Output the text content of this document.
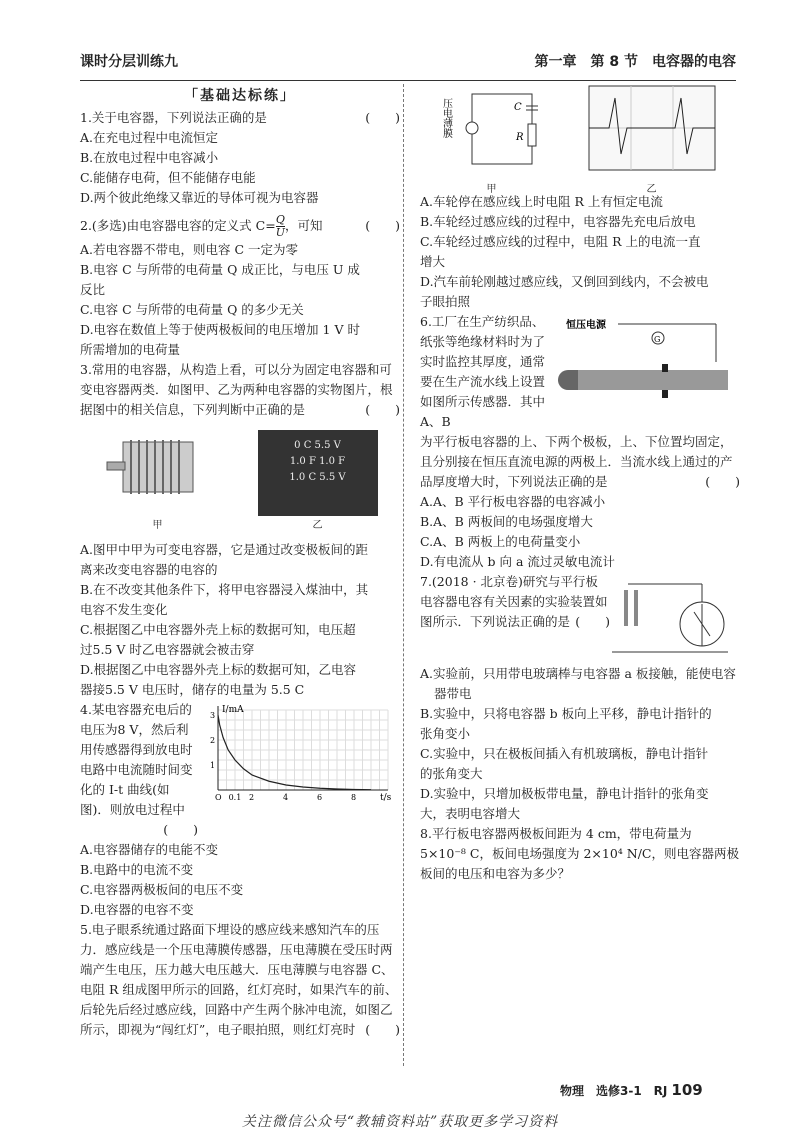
课时分层训练九	第一章　第 8 节　电容器的电容
「基础达标练」
1.关于电容器，下列说法正确的是	(　　)
A.在充电过程中电流恒定
B.在放电过程中电容减小
C.能储存电荷，但不能储存电能
D.两个彼此绝缘又靠近的导体可视为电容器
2.(多选)由电容器电容的定义式 $C= \frac{Q}{U}$ ，可知	(　　)
A.若电容器不带电，则电容 C 一定为零
B.电容 C 与所带的电荷量 Q 成正比，与电压 U 成
反比
C.电容 C 与所带的电荷量 Q 的多少无关
D.电容在数值上等于使两极板间的电压增加 1 V 时
所需增加的电荷量
3.常用的电容器，从构造上看，可以分为固定电容器和可变电容器两类．如图甲、乙为两种电容器的实物图片，根据图中的相关信息，下列判断中正确的是	(　　)
甲
0 C 5.5 V
1.0 F 1.0 F
1.0 C 5.5 V
乙
A.图甲中甲为可变电容器，它是通过改变极板间的距
离来改变电容器的电容的
B.在不改变其他条件下，将甲电容器浸入煤油中，其
电容不发生变化
C.根据图乙中电容器外壳上标的数据可知，电压超
过5.5 V 时乙电容器就会被击穿
D.根据图乙中电容器外壳上标的数据可知，乙电容
器接5.5 V 电压时，储存的电量为 5.5 C
4.某电容器充电后的电压为8 V，然后利用传感器得到放电时电路中电流随时间变化的 I-t 曲线(如图)．则放电过程中
(　　)
I/mA
t/s
O 0.1 2	4	6	8
3
2
1
A.电容器储存的电能不变
B.电路中的电流不变
C.电容器两极板间的电压不变
D.电容器的电容不变
5.电子眼系统通过路面下埋设的感应线来感知汽车的压力．感应线是一个压电薄膜传感器，压电薄膜在受压时两端产生电压，压力越大电压越大．压电薄膜与电容器 C、电阻 R 组成图甲所示的回路，红灯亮时，如果汽车的前、后轮先后经过感应线，回路中产生两个脉冲电流，如图乙所示，即视为“闯红灯”，电子眼拍照，则红灯亮时 (　　)
压电薄膜	C
R
甲	乙
A.车轮停在感应线上时电阻 R 上有恒定电流
B.车轮经过感应线的过程中，电容器先充电后放电
C.车轮经过感应线的过程中，电阻 R 上的电流一直
增大
D.汽车前轮刚越过感应线，又倒回到线内，不会被电
子眼拍照
6.工厂在生产纺织品、纸张等绝缘材料时为了实时监控其厚度，通常要在生产流水线上设置如图所示传感器．其中 A、B
恒压电源
G
为平行板电容器的上、下两个极板，上、下位置均固定，且分别接在恒压直流电源的两极上．当流水线上通过的产品厚度增大时，下列说法正确的是	(　　)
A.A、B 平行板电容器的电容减小
B.A、B 两板间的电场强度增大
C.A、B 两板上的电荷量变小
D.有电流从 b 向 a 流过灵敏电流计
7.(2018 · 北京卷)研究与平行板电容器电容有关因素的实验装置如图所示．下列说法正确的是 (　　)
A.实验前，只用带电玻璃棒与电容器 a 板接触，能使电容器带电
B.实验中，只将电容器 b 板向上平移，静电计指针的
张角变小
C.实验中，只在极板间插入有机玻璃板，静电计指针
的张角变大
D.实验中，只增加极板带电量，静电计指针的张角变
大，表明电容增大
8.平行板电容器两极板间距为 4 cm，带电荷量为 5×10⁻⁸ C，板间电场强度为 2×10⁴ N/C，则电容器两极板间的电压和电容为多少？
物理　选修3-1　RJ 109
关注微信公众号“教辅资料站”获取更多学习资料
